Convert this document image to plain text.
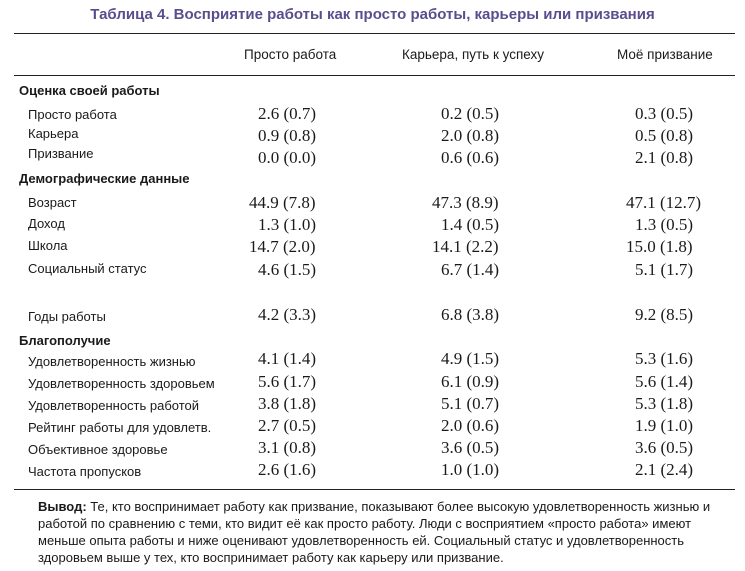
Таблица 4. Восприятие работы как просто работы, карьеры или призвания
Просто работа	Карьера, путь к успеху	Моё призвание
Оценка своей работы
Просто работа	2.6 (0.7)	0.2 (0.5)	0.3 (0.5)
Карьера	0.9 (0.8)	2.0 (0.8)	0.5 (0.8)
Призвание	0.0 (0.0)	0.6 (0.6)	2.1 (0.8)
Демографические данные
Возраст	44.9 (7.8)	47.3 (8.9)	47.1 (12.7)
Доход	1.3 (1.0)	1.4 (0.5)	1.3 (0.5)
Школа	14.7 (2.0)	14.1 (2.2)	15.0 (1.8)
Социальный статус	4.6 (1.5)	6.7 (1.4)	5.1 (1.7)
Годы работы	4.2 (3.3)	6.8 (3.8)	9.2 (8.5)
Благополучие
Удовлетворенность жизнью	4.1 (1.4)	4.9 (1.5)	5.3 (1.6)
Удовлетворенность здоровьем	5.6 (1.7)	6.1 (0.9)	5.6 (1.4)
Удовлетворенность работой	3.8 (1.8)	5.1 (0.7)	5.3 (1.8)
Рейтинг работы для удовлетв.	2.7 (0.5)	2.0 (0.6)	1.9 (1.0)
Объективное здоровье	3.1 (0.8)	3.6 (0.5)	3.6 (0.5)
Частота пропусков	2.6 (1.6)	1.0 (1.0)	2.1 (2.4)
Вывод: Те, кто воспринимает работу как призвание, показывают более высокую удовлетворенность жизнью и работой по сравнению с теми, кто видит её как просто работу. Люди с восприятием «просто работа» имеют меньше опыта работы и ниже оценивают удовлетворенность ей. Социальный статус и удовлетворенность здоровьем выше у тех, кто воспринимает работу как карьеру или призвание.
